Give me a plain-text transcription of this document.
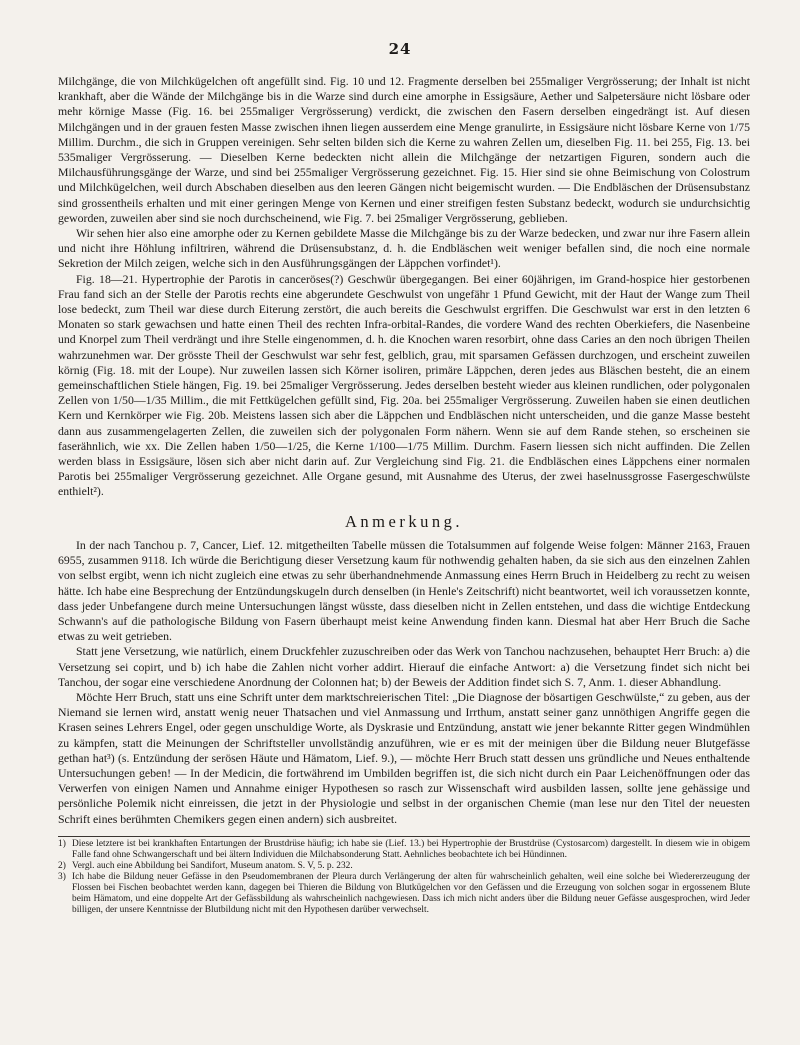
24

Milchgänge, die von Milchkügelchen oft angefüllt sind. Fig. 10 und 12. Fragmente derselben bei 255maliger Vergrösserung; der Inhalt ist nicht krankhaft, aber die Wände der Milchgänge bis in die Warze sind durch eine amorphe in Essigsäure, Aether und Salpetersäure nicht lösbare oder mehr körnige Masse (Fig. 16. bei 255maliger Vergrösserung) verdickt, die zwischen den Fasern derselben eingedrängt ist. Auf diesen Milchgängen und in der grauen festen Masse zwischen ihnen liegen ausserdem eine Menge granulirte, in Essigsäure nicht lösbare Kerne von 1/75 Millim. Durchm., die sich in Gruppen vereinigen. Sehr selten bilden sich die Kerne zu wahren Zellen um, dieselben Fig. 11. bei 255, Fig. 13. bei 535maliger Vergrösserung. — Dieselben Kerne bedeckten nicht allein die Milchgänge der netzartigen Figuren, sondern auch die Milchausführungsgänge der Warze, und sind bei 255maliger Vergrösserung gezeichnet. Fig. 15. Hier sind sie ohne Beimischung von Colostrum und Milchkügelchen, weil durch Abschaben dieselben aus den leeren Gängen nicht beigemischt wurden. — Die Endbläschen der Drüsensubstanz sind grossentheils erhalten und mit einer geringen Menge von Kernen und einer streifigen festen Substanz bedeckt, wodurch sie undurchsichtig geworden, zuweilen aber sind sie noch durchscheinend, wie Fig. 7. bei 25maliger Vergrösserung, geblieben.

Wir sehen hier also eine amorphe oder zu Kernen gebildete Masse die Milchgänge bis zu der Warze bedecken, und zwar nur ihre Fasern allein und nicht ihre Höhlung infiltriren, während die Drüsensubstanz, d. h. die Endbläschen weit weniger befallen sind, die noch eine normale Sekretion der Milch zeigen, welche sich in den Ausführungsgängen der Läppchen vorfindet¹).

Fig. 18—21. Hypertrophie der Parotis in canceröses(?) Geschwür übergegangen. Bei einer 60jährigen, im Grand-hospice hier gestorbenen Frau fand sich an der Stelle der Parotis rechts eine abgerundete Geschwulst von ungefähr 1 Pfund Gewicht, mit der Haut der Wange zum Theil lose bedeckt, zum Theil war diese durch Eiterung zerstört, die auch bereits die Geschwulst ergriffen. Die Geschwulst war erst in den letzten 6 Monaten so stark gewachsen und hatte einen Theil des rechten Infra-orbital-Randes, die vordere Wand des rechten Oberkiefers, die Nasenbeine und Knorpel zum Theil verdrängt und ihre Stelle eingenommen, d. h. die Knochen waren resorbirt, ohne dass Caries an den noch übrigen Theilen wahrzunehmen war. Der grösste Theil der Geschwulst war sehr fest, gelblich, grau, mit sparsamen Gefässen durchzogen, und erscheint zuweilen körnig (Fig. 18. mit der Loupe). Nur zuweilen lassen sich Körner isoliren, primäre Läppchen, deren jedes aus Bläschen besteht, die an einem gemeinschaftlichen Stiele hängen, Fig. 19. bei 25maliger Vergrösserung. Jedes derselben besteht wieder aus kleinen rundlichen, oder polygonalen Zellen von 1/50—1/35 Millim., die mit Fettkügelchen gefüllt sind, Fig. 20a. bei 255maliger Vergrösserung. Zuweilen haben sie einen deutlichen Kern und Kernkörper wie Fig. 20b. Meistens lassen sich aber die Läppchen und Endbläschen nicht unterscheiden, und die ganze Masse besteht dann aus zusammengelagerten Zellen, die zuweilen sich der polygonalen Form nähern. Wenn sie auf dem Rande stehen, so erscheinen sie faserähnlich, wie xx. Die Zellen haben 1/50—1/25, die Kerne 1/100—1/75 Millim. Durchm. Fasern liessen sich nicht auffinden. Die Zellen werden blass in Essigsäure, lösen sich aber nicht darin auf. Zur Vergleichung sind Fig. 21. die Endbläschen eines Läppchens einer normalen Parotis bei 255maliger Vergrösserung gezeichnet. Alle Organe gesund, mit Ausnahme des Uterus, der zwei haselnussgrosse Fasergeschwülste enthielt²).

Anmerkung.

In der nach Tanchou p. 7, Cancer, Lief. 12. mitgetheilten Tabelle müssen die Totalsummen auf folgende Weise folgen: Männer 2163, Frauen 6955, zusammen 9118. Ich würde die Berichtigung dieser Versetzung kaum für nothwendig gehalten haben, da sie sich aus den einzelnen Zahlen von selbst ergibt, wenn ich nicht zugleich eine etwas zu sehr überhandnehmende Anmassung eines Herrn Bruch in Heidelberg zu recht zu weisen hätte. Ich habe eine Besprechung der Entzündungskugeln durch denselben (in Henle's Zeitschrift) nicht beantwortet, weil ich voraussetzen konnte, dass jeder Unbefangene durch meine Untersuchungen längst wüsste, dass dieselben nicht in Zellen entstehen, und dass die wichtige Entdeckung Schwann's auf die pathologische Bildung von Fasern überhaupt meist keine Anwendung finden kann. Diesmal hat aber Herr Bruch die Sache etwas zu weit getrieben.

Statt jene Versetzung, wie natürlich, einem Druckfehler zuzuschreiben oder das Werk von Tanchou nachzusehen, behauptet Herr Bruch: a) die Versetzung sei copirt, und b) ich habe die Zahlen nicht vorher addirt. Hierauf die einfache Antwort: a) die Versetzung findet sich nicht bei Tanchou, der sogar eine verschiedene Anordnung der Colonnen hat; b) der Beweis der Addition findet sich S. 7, Anm. 1. dieser Abhandlung.

Möchte Herr Bruch, statt uns eine Schrift unter dem marktschreierischen Titel: „Die Diagnose der bösartigen Geschwülste,“ zu geben, aus der Niemand sie lernen wird, anstatt wenig neuer Thatsachen und viel Anmassung und Irrthum, anstatt seiner ganz unnöthigen Angriffe gegen die Krasen seines Lehrers Engel, oder gegen unschuldige Worte, als Dyskrasie und Entzündung, anstatt wie jener bekannte Ritter gegen Windmühlen zu kämpfen, statt die Meinungen der Schriftsteller unvollständig anzuführen, wie er es mit der meinigen über die Bildung neuer Blutgefässe gethan hat³) (s. Entzündung der serösen Häute und Hämatom, Lief. 9.), — möchte Herr Bruch statt dessen uns gründliche und Neues enthaltende Untersuchungen geben! — In der Medicin, die fortwährend im Umbilden begriffen ist, die sich nicht durch ein Paar Leichenöffnungen oder das Verwerfen von einigen Namen und Annahme einiger Hypothesen so rasch zur Wissenschaft wird ausbilden lassen, sollte jene gehässige und persönliche Polemik nicht einreissen, die jetzt in der Physiologie und selbst in der organischen Chemie (man lese nur den Titel der neuesten Schrift eines berühmten Chemikers gegen einen andern) sich ausbreitet.

1) Diese letztere ist bei krankhaften Entartungen der Brustdrüse häufig; ich habe sie (Lief. 13.) bei Hypertrophie der Brustdrüse (Cystosarcom) dargestellt. In diesem wie in obigem Falle fand ohne Schwangerschaft und bei ältern Individuen die Milchabsonderung Statt. Aehnliches beobachtete ich bei Hündinnen.
2) Vergl. auch eine Abbildung bei Sandifort, Museum anatom. S. V, 5. p. 232.
3) Ich habe die Bildung neuer Gefässe in den Pseudomembranen der Pleura durch Verlängerung der alten für wahrscheinlich gehalten, weil eine solche bei Wiedererzeugung der Flossen bei Fischen beobachtet werden kann, dagegen bei Thieren die Bildung von Blutkügelchen vor den Gefässen und die Erzeugung von solchen sogar in ergossenem Blute beim Hämatom, und eine doppelte Art der Gefässbildung als wahrscheinlich nachgewiesen. Dass ich mich nicht anders über die Bildung neuer Gefässe ausgesprochen, wird Jeder billigen, der unsere Kenntnisse der Blutbildung nicht mit den Hypothesen darüber verwechselt.
